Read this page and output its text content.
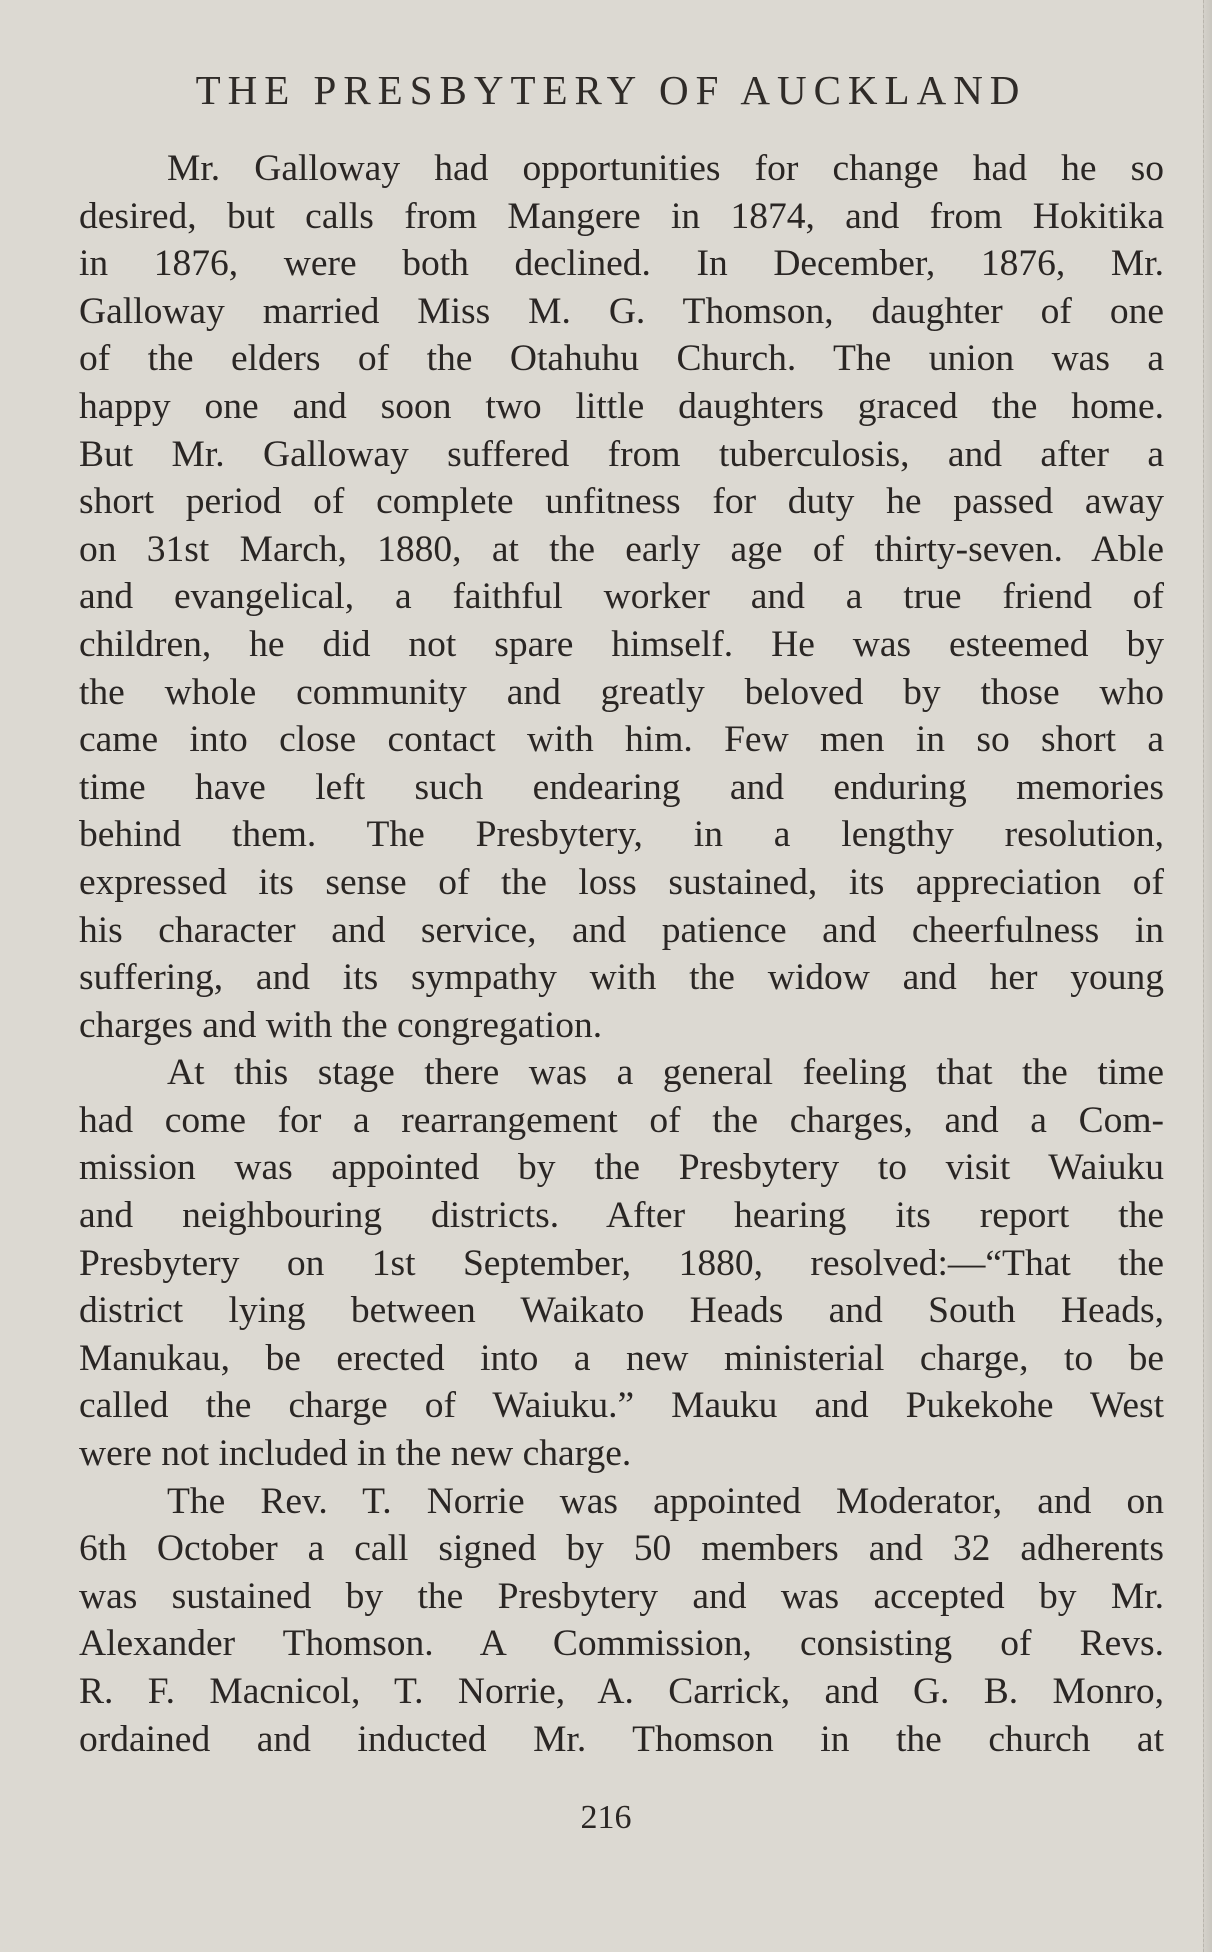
THE PRESBYTERY OF AUCKLAND
Mr. Galloway had opportunities for change had he so
desired, but calls from Mangere in 1874, and from Hokitika
in 1876, were both declined. In December, 1876, Mr.
Galloway married Miss M. G. Thomson, daughter of one
of the elders of the Otahuhu Church. The union was a
happy one and soon two little daughters graced the home.
But Mr. Galloway suffered from tuberculosis, and after a
short period of complete unfitness for duty he passed away
on 31st March, 1880, at the early age of thirty-seven. Able
and evangelical, a faithful worker and a true friend of
children, he did not spare himself. He was esteemed by
the whole community and greatly beloved by those who
came into close contact with him. Few men in so short a
time have left such endearing and enduring memories
behind them. The Presbytery, in a lengthy resolution,
expressed its sense of the loss sustained, its appreciation of
his character and service, and patience and cheerfulness in
suffering, and its sympathy with the widow and her young
charges and with the congregation.
At this stage there was a general feeling that the time
had come for a rearrangement of the charges, and a Com-
mission was appointed by the Presbytery to visit Waiuku
and neighbouring districts. After hearing its report the
Presbytery on 1st September, 1880, resolved:—“That the
district lying between Waikato Heads and South Heads,
Manukau, be erected into a new ministerial charge, to be
called the charge of Waiuku.” Mauku and Pukekohe West
were not included in the new charge.
The Rev. T. Norrie was appointed Moderator, and on
6th October a call signed by 50 members and 32 adherents
was sustained by the Presbytery and was accepted by Mr.
Alexander Thomson. A Commission, consisting of Revs.
R. F. Macnicol, T. Norrie, A. Carrick, and G. B. Monro,
ordained and inducted Mr. Thomson in the church at
216
